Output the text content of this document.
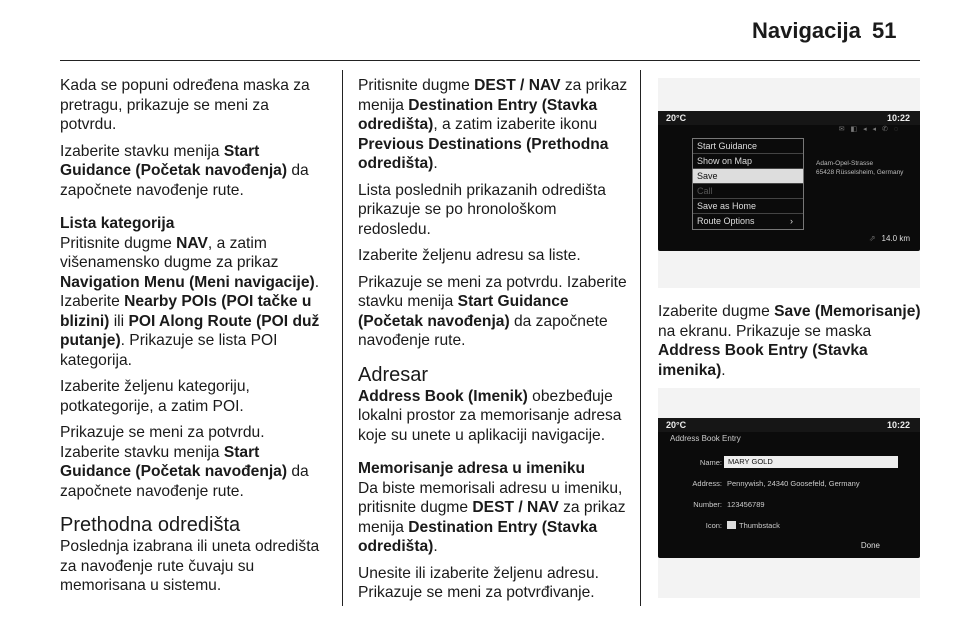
Navigacija 51

Kada se popuni određena maska za pretragu, prikazuje se meni za potvrdu.

Izaberite stavku menija Start Guidance (Početak navođenja) da započnete navođenje rute.

Lista kategorija

Pritisnite dugme NAV, a zatim višenamensko dugme za prikaz Navigation Menu (Meni navigacije). Izaberite Nearby POIs (POI tačke u blizini) ili POI Along Route (POI duž putanje). Prikazuje se lista POI kategorija.

Izaberite željenu kategoriju, potkategorije, a zatim POI.

Prikazuje se meni za potvrdu. Izaberite stavku menija Start Guidance (Početak navođenja) da započnete navođenje rute.

Prethodna odredišta

Poslednja izabrana ili uneta odredišta za navođenje rute čuvaju su memorisana u sistemu.

Pritisnite dugme DEST / NAV za prikaz menija Destination Entry (Stavka odredišta), a zatim izaberite ikonu Previous Destinations (Prethodna odredišta).

Lista poslednih prikazanih odredišta prikazuje se po hronološkom redosledu.

Izaberite željenu adresu sa liste.

Prikazuje se meni za potvrdu. Izaberite stavku menija Start Guidance (Početak navođenja) da započnete navođenje rute.

Adresar

Address Book (Imenik) obezbeđuje lokalni prostor za memorisanje adresa koje su unete u aplikaciji navigacije.

Memorisanje adresa u imeniku

Da biste memorisali adresu u imeniku, pritisnite dugme DEST / NAV za prikaz menija Destination Entry (Stavka odredišta).

Unesite ili izaberite željenu adresu. Prikazuje se meni za potvrđivanje.

20°C	10:22
✉ ◧ ◂ ◂ ✆ ◌
Start Guidance
Show on Map
Save
Call
Save as Home
Route Options	›
Adam-Opel-Strasse
65428 Rüsselsheim, Germany
⇗ 14.0 km

Izaberite dugme Save (Memorisanje) na ekranu. Prikazuje se maska Address Book Entry (Stavka imenika).

20°C	10:22
Address Book Entry
Name: MARY GOLD
Address: Pennywish, 24340 Goosefeld, Germany
Number: 123456789
Icon:	Thumbstack
Done
